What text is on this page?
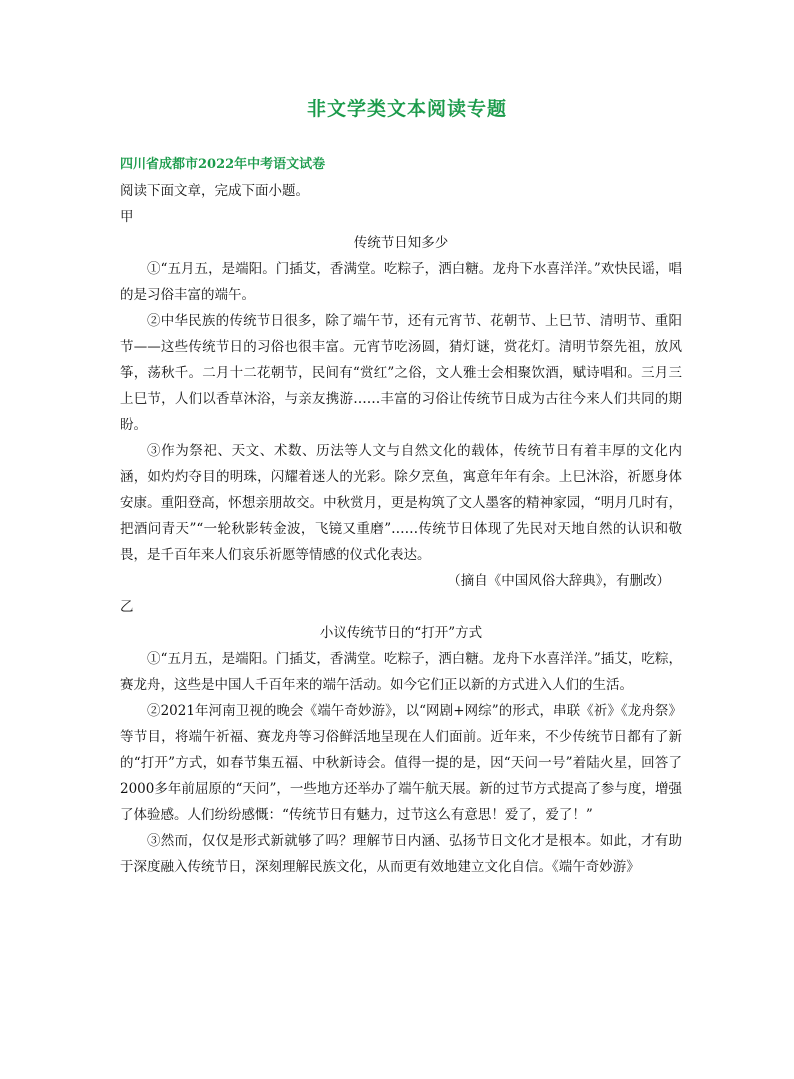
非文学类文本阅读专题
四川省成都市2022年中考语文试卷
阅读下面文章，完成下面小题。
甲
传统节日知多少

①“五月五，是端阳。门插艾，香满堂。吃粽子，洒白糖。龙舟下水喜洋洋。”欢快民谣，唱的是习俗丰富的端午。

②中华民族的传统节日很多，除了端午节，还有元宵节、花朝节、上巳节、清明节、重阳节——这些传统节日的习俗也很丰富。元宵节吃汤圆，猜灯谜，赏花灯。清明节祭先祖，放风筝，荡秋千。二月十二花朝节，民间有“赏红”之俗，文人雅士会相聚饮酒，赋诗唱和。三月三上巳节，人们以香草沐浴，与亲友携游……丰富的习俗让传统节日成为古往今来人们共同的期盼。

③作为祭祀、天文、术数、历法等人文与自然文化的载体，传统节日有着丰厚的文化内涵，如灼灼夺目的明珠，闪耀着迷人的光彩。除夕烹鱼，寓意年年有余。上巳沐浴，祈愿身体安康。重阳登高，怀想亲朋故交。中秋赏月，更是构筑了文人墨客的精神家园，“明月几时有，把酒问青天”“一轮秋影转金波，飞镜又重磨”……传统节日体现了先民对天地自然的认识和敬畏，是千百年来人们哀乐祈愿等情感的仪式化表达。

（摘自《中国风俗大辞典》，有删改）
乙
小议传统节日的“打开”方式

①“五月五，是端阳。门插艾，香满堂。吃粽子，洒白糖。龙舟下水喜洋洋。”插艾，吃粽，赛龙舟，这些是中国人千百年来的端午活动。如今它们正以新的方式进入人们的生活。

②2021年河南卫视的晚会《端午奇妙游》，以“网剧+网综”的形式，串联《祈》《龙舟祭》等节目，将端午祈福、赛龙舟等习俗鲜活地呈现在人们面前。近年来，不少传统节日都有了新的“打开”方式，如春节集五福、中秋新诗会。值得一提的是，因“天问一号”着陆火星，回答了2000多年前屈原的“天问”，一些地方还举办了端午航天展。新的过节方式提高了参与度，增强了体验感。人们纷纷感慨：“传统节日有魅力，过节这么有意思！爱了，爱了！”

③然而，仅仅是形式新就够了吗？理解节日内涵、弘扬节日文化才是根本。如此，才有助于深度融入传统节日，深刻理解民族文化，从而更有效地建立文化自信。《端午奇妙游》
